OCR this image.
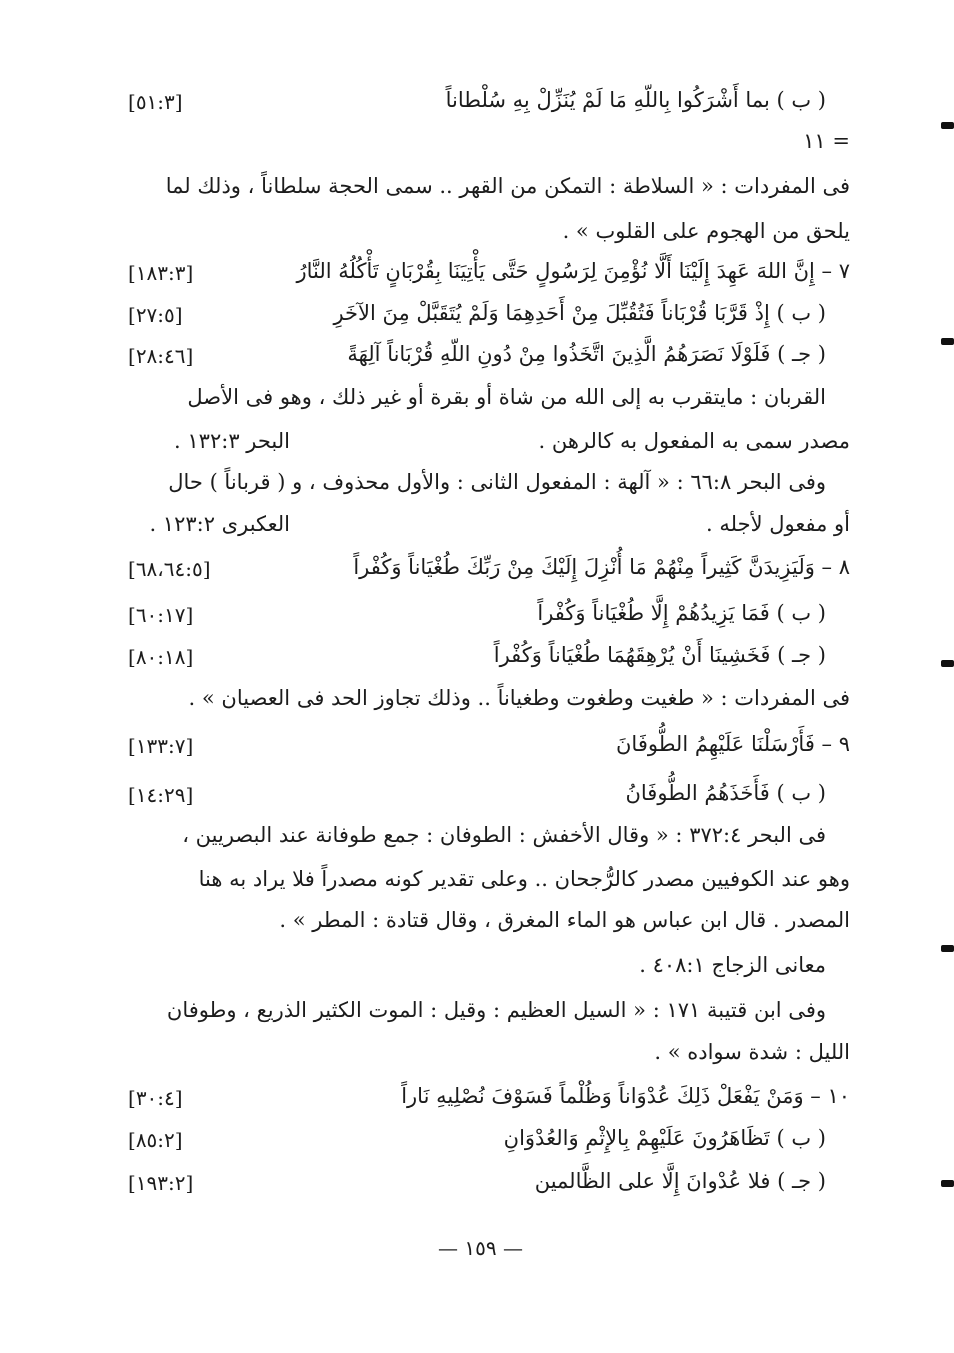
( ب ) بما أَشْرَكُوا بِاللّهِ مَا لَمْ يُنَزِّلْ بِهِ سُلْطاناً
= ١١
فى المفردات : « السلاطة : التمكن من القهر .. سمى الحجة سلطاناً ، وذلك لما
يلحق من الهجوم على القلوب » .
٧ – إِنَّ اللهَ عَهِدَ إِلَيْنَا أَلَّا نُؤْمِنَ لِرَسُولٍ حَتَّى يَأْتِيَنَا بِقُرْبَانٍ تَأْكُلُهُ النَّارُ
( ب ) إِذْ قَرَّبَا قُرْبَاناً فَتُقُبِّلَ مِنْ أَحَدِهِمَا وَلَمْ يُتَقَبَّلْ مِنَ الآخَرِ
( جـ ) فَلَوْلَا نَصَرَهُمُ الَّذِينَ اتَّخَذُوا مِنْ دُونِ اللّهِ قُرْبَاناً آلِهَةً
القربان : مايتقرب به إلى الله من شاة أو بقرة أو غير ذلك ، وهو فى الأصل
مصدر سمى به المفعول به كالرهن .
البحر ١٣٢:٣ .
وفى البحر ٦٦:٨ : « آلهة : المفعول الثانى : والأول محذوف ، و ( قرباناً ) حال
أو مفعول لأجله .
العكبرى ١٢٣:٢ .
٨ – وَلَيَزِيدَنَّ كَثِيراً مِنْهُمْ مَا أُنْزِلَ إِلَيْكَ مِنْ رَبِّكَ طُغْيَاناً وَكُفْراً
( ب ) فَمَا يَزِيدُهُمْ إِلَّا طُغْيَاناً وَكُفْراً
( جـ ) فَخَشِينَا أَنْ يُرْهِقَهُمَا طُغْيَاناً وَكُفْراً
فى المفردات : « طغيت وطغوت وطغياناً .. وذلك تجاوز الحد فى العصيان » .
٩ – فَأَرْسَلْنَا عَلَيْهِمُ الطُّوفَانَ
( ب ) فَأَخَذَهُمُ الطُّوفَانُ
فى البحر ٣٧٢:٤ : « وقال الأخفش : الطوفان : جمع طوفانة عند البصريين ،
وهو عند الكوفيين مصدر كالرُّجحان .. وعلى تقدير كونه مصدراً فلا يراد به هنا
المصدر . قال ابن عباس هو الماء المغرق ، وقال قتادة : المطر » .
معانى الزجاج ٤٠٨:١ .
وفى ابن قتيبة ١٧١ : « السيل العظيم : وقيل : الموت الكثير الذريع ، وطوفان
الليل : شدة سواده » .
١٠ – وَمَنْ يَفْعَلْ ذَلِكَ عُدْوَاناً وَظُلْماً فَسَوْفَ نُصْلِيهِ نَاراً
( ب ) تَظَاهَرُونَ عَلَيْهِمْ بِالإِثْمِ وَالعُدْوَانِ
( جـ ) فلا عُدْوانَ إِلَّا على الظَّالمين
[٥١:٣]
[١٨٣:٣]
[٢٧:٥]
[٢٨:٤٦]
[٦٨،٦٤:٥]
[٦٠:١٧]
[٨٠:١٨]
[١٣٣:٧]
[١٤:٢٩]
[٣٠:٤]
[٨٥:٢]
[١٩٣:٢]
— ١٥٩ —
